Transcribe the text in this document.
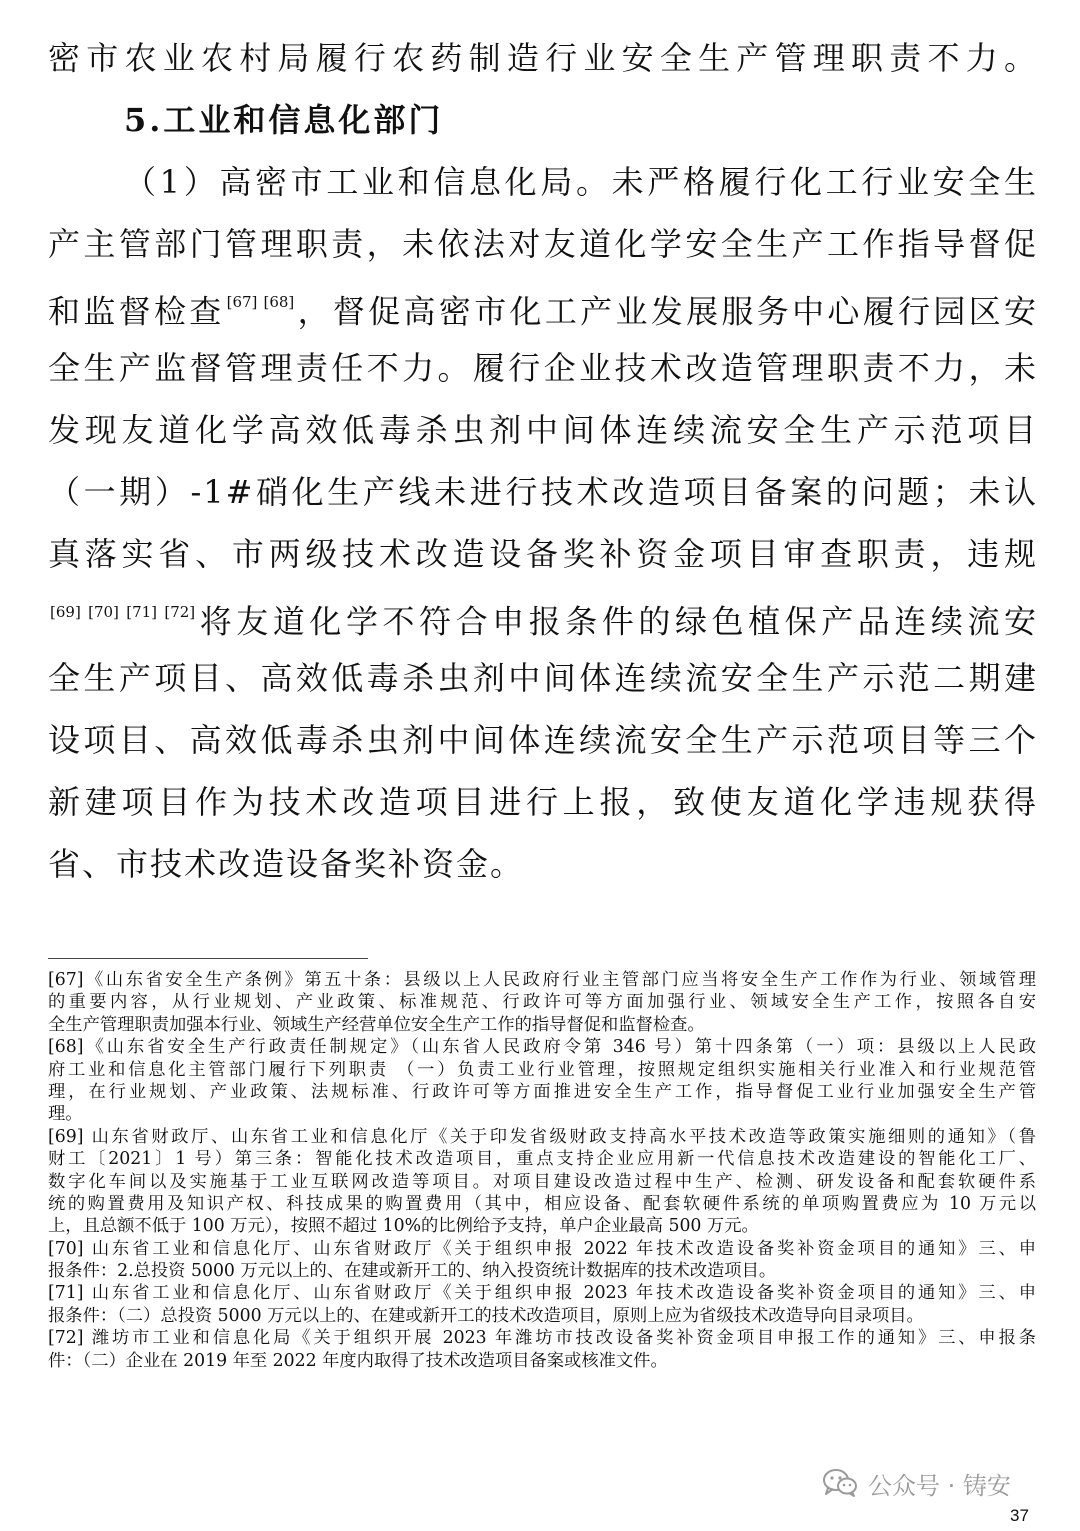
密市农业农村局履行农药制造行业安全生产管理职责不力。
5.工业和信息化部门
（1）高密市工业和信息化局。未严格履行化工行业安全生
产主管部门管理职责，未依法对友道化学安全生产工作指导督促
和监督检查 [67] [68]，督促高密市化工产业发展服务中心履行园区安
全生产监督管理责任不力。履行企业技术改造管理职责不力，未
发现友道化学高效低毒杀虫剂中间体连续流安全生产示范项目
（一期）-1#硝化生产线未进行技术改造项目备案的问题；未认
真落实省、市两级技术改造设备奖补资金项目审查职责，违规
[69] [70] [71] [72]将友道化学不符合申报条件的绿色植保产品连续流安
全生产项目、高效低毒杀虫剂中间体连续流安全生产示范二期建
设项目、高效低毒杀虫剂中间体连续流安全生产示范项目等三个
新建项目作为技术改造项目进行上报，致使友道化学违规获得
省、市技术改造设备奖补资金。
[67]《山东省安全生产条例》第五十条：县级以上人民政府行业主管部门应当将安全生产工作作为行业、领域管理
的重要内容，从行业规划、产业政策、标准规范、行政许可等方面加强行业、领域安全生产工作，按照各自安
全生产管理职责加强本行业、领域生产经营单位安全生产工作的指导督促和监督检查。
[68]《山东省安全生产行政责任制规定》（山东省人民政府令第 346 号）第十四条第（一）项：县级以上人民政
府工业和信息化主管部门履行下列职责 （一）负责工业行业管理，按照规定组织实施相关行业准入和行业规范管
理，在行业规划、产业政策、法规标准、行政许可等方面推进安全生产工作，指导督促工业行业加强安全生产管
理。
[69] 山东省财政厅、山东省工业和信息化厅《关于印发省级财政支持高水平技术改造等政策实施细则的通知》（鲁
财工〔2021〕1 号）第三条：智能化技术改造项目，重点支持企业应用新一代信息技术改造建设的智能化工厂、
数字化车间以及实施基于工业互联网改造等项目。对项目建设改造过程中生产、检测、研发设备和配套软硬件系
统的购置费用及知识产权、科技成果的购置费用（其中，相应设备、配套软硬件系统的单项购置费应为 10 万元以
上，且总额不低于 100 万元），按照不超过 10%的比例给予支持，单户企业最高 500 万元。
[70] 山东省工业和信息化厅、山东省财政厅《关于组织申报 2022 年技术改造设备奖补资金项目的通知》三、申
报条件：2.总投资 5000 万元以上的、在建或新开工的、纳入投资统计数据库的技术改造项目。
[71] 山东省工业和信息化厅、山东省财政厅《关于组织申报 2023 年技术改造设备奖补资金项目的通知》三、申
报条件：（二）总投资 5000 万元以上的、在建或新开工的技术改造项目，原则上应为省级技术改造导向目录项目。
[72] 潍坊市工业和信息化局《关于组织开展 2023 年潍坊市技改设备奖补资金项目申报工作的通知》三、申报条
件：（二）企业在 2019 年至 2022 年度内取得了技术改造项目备案或核准文件。
公众号 · 铸安
37
